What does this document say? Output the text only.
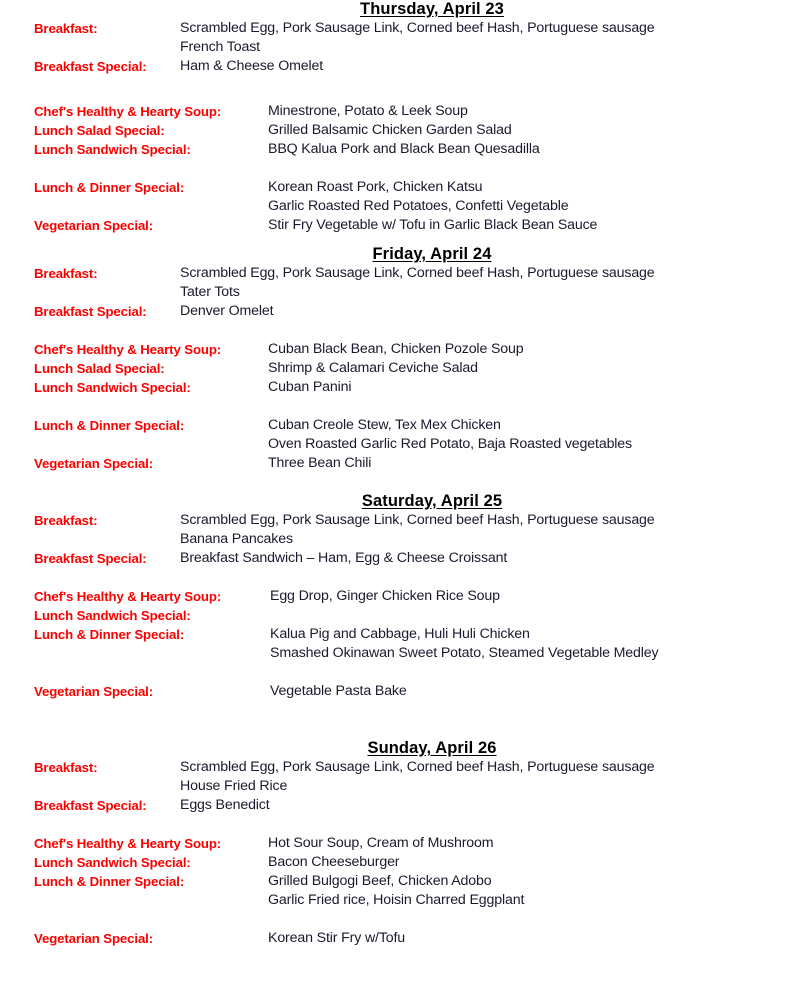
Thursday, April 23
Breakfast:	Scrambled Egg, Pork Sausage Link, Corned beef Hash, Portuguese sausage
French Toast
Breakfast Special:	Ham & Cheese Omelet
Chef's Healthy & Hearty Soup:	Minestrone, Potato & Leek Soup
Lunch Salad Special:	Grilled Balsamic Chicken Garden Salad
Lunch Sandwich Special:	BBQ Kalua Pork and Black Bean Quesadilla
Lunch & Dinner Special:	Korean Roast Pork, Chicken Katsu
Garlic Roasted Red Potatoes, Confetti Vegetable
Vegetarian Special:	Stir Fry Vegetable w/ Tofu in Garlic Black Bean Sauce
Friday, April 24
Breakfast:	Scrambled Egg, Pork Sausage Link, Corned beef Hash, Portuguese sausage
Tater Tots
Breakfast Special:	Denver Omelet
Chef's Healthy & Hearty Soup:	Cuban Black Bean, Chicken Pozole Soup
Lunch Salad Special:	Shrimp & Calamari Ceviche Salad
Lunch Sandwich Special:	Cuban Panini
Lunch & Dinner Special:	Cuban Creole Stew, Tex Mex Chicken
Oven Roasted Garlic Red Potato, Baja Roasted vegetables
Vegetarian Special:	Three Bean Chili
Saturday, April 25
Breakfast:	Scrambled Egg, Pork Sausage Link, Corned beef Hash, Portuguese sausage
Banana Pancakes
Breakfast Special:	Breakfast Sandwich – Ham, Egg & Cheese Croissant
Chef's Healthy & Hearty Soup:	Egg Drop, Ginger Chicken Rice Soup
Lunch Sandwich Special:
Lunch & Dinner Special:	Kalua Pig and Cabbage, Huli Huli Chicken
Smashed Okinawan Sweet Potato, Steamed Vegetable Medley
Vegetarian Special:	Vegetable Pasta Bake
Sunday, April 26
Breakfast:	Scrambled Egg, Pork Sausage Link, Corned beef Hash, Portuguese sausage
House Fried Rice
Breakfast Special:	Eggs Benedict
Chef's Healthy & Hearty Soup:	Hot Sour Soup, Cream of Mushroom
Lunch Sandwich Special:	Bacon Cheeseburger
Lunch & Dinner Special:	Grilled Bulgogi Beef, Chicken Adobo
Garlic Fried rice, Hoisin Charred Eggplant
Vegetarian Special:	Korean Stir Fry w/Tofu
